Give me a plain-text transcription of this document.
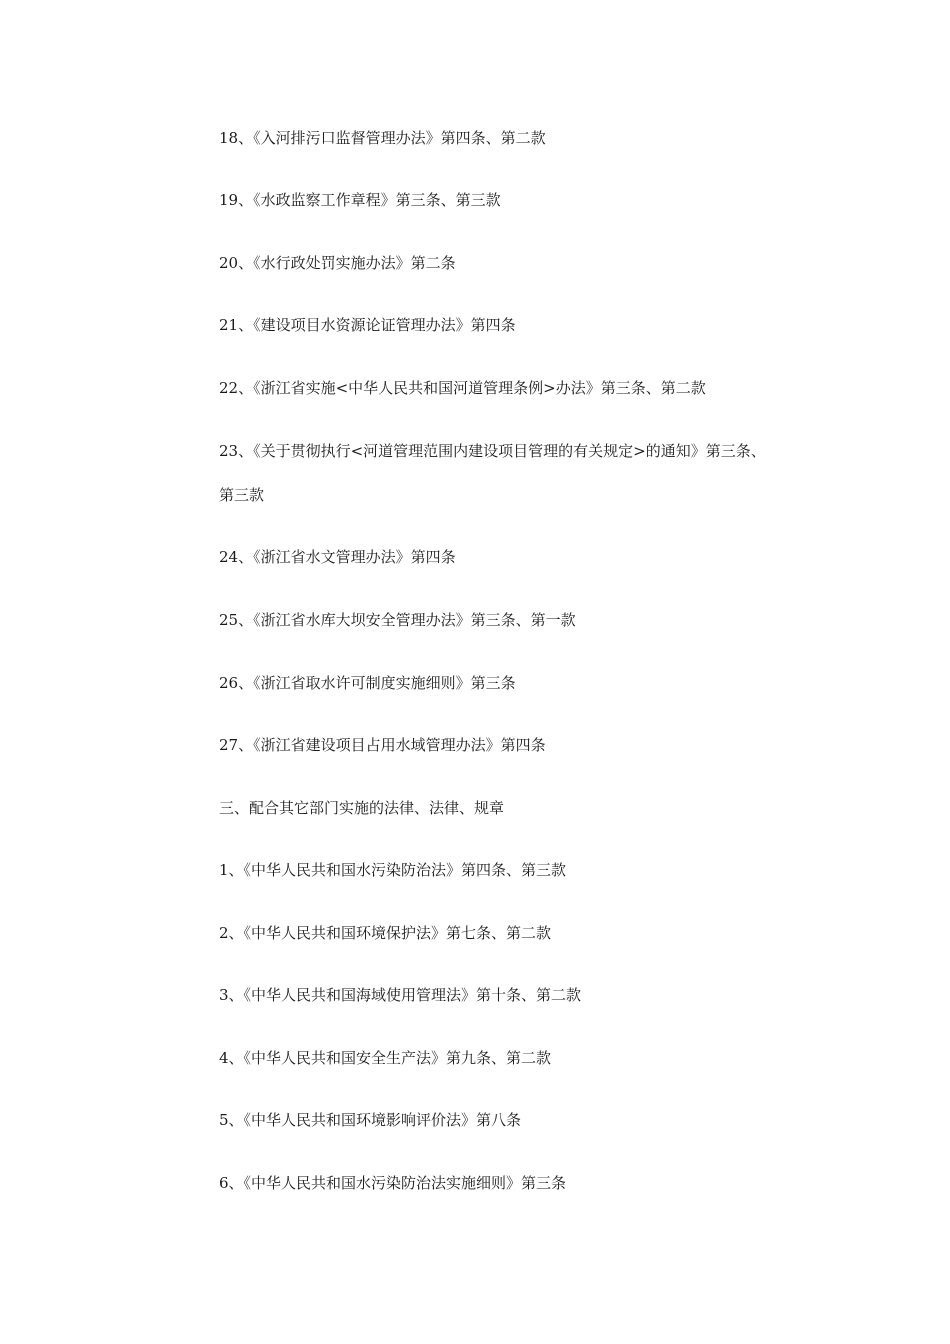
18、《入河排污口监督管理办法》第四条、第二款
19、《水政监察工作章程》第三条、第三款
20、《水行政处罚实施办法》第二条
21、《建设项目水资源论证管理办法》第四条
22、《浙江省实施<中华人民共和国河道管理条例>办法》第三条、第二款
23、《关于贯彻执行<河道管理范围内建设项目管理的有关规定>的通知》第三条、
第三款
24、《浙江省水文管理办法》第四条
25、《浙江省水库大坝安全管理办法》第三条、第一款
26、《浙江省取水许可制度实施细则》第三条
27、《浙江省建设项目占用水域管理办法》第四条
三、配合其它部门实施的法律、法律、规章
1、《中华人民共和国水污染防治法》第四条、第三款
2、《中华人民共和国环境保护法》第七条、第二款
3、《中华人民共和国海域使用管理法》第十条、第二款
4、《中华人民共和国安全生产法》第九条、第二款
5、《中华人民共和国环境影响评价法》第八条
6、《中华人民共和国水污染防治法实施细则》第三条
